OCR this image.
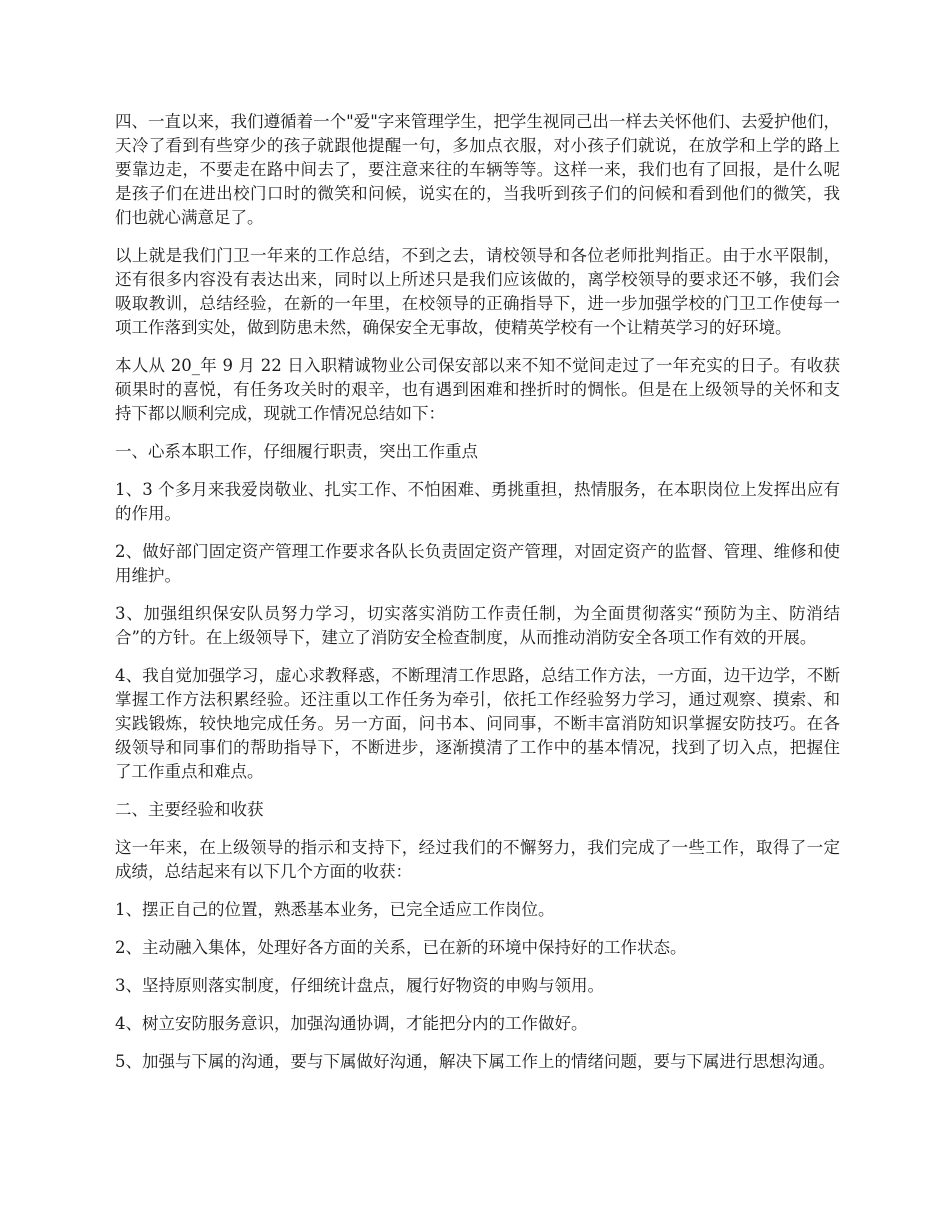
四、一直以来，我们遵循着一个"爱"字来管理学生，把学生视同己出一样去关怀他们、去爱护他们，天冷了看到有些穿少的孩子就跟他提醒一句，多加点衣服，对小孩子们就说，在放学和上学的路上要靠边走，不要走在路中间去了，要注意来往的车辆等等。这样一来，我们也有了回报，是什么呢 是孩子们在进出校门口时的微笑和问候，说实在的，当我听到孩子们的问候和看到他们的微笑，我们也就心满意足了。

以上就是我们门卫一年来的工作总结，不到之去，请校领导和各位老师批判指正。由于水平限制，还有很多内容没有表达出来，同时以上所述只是我们应该做的，离学校领导的要求还不够，我们会吸取教训，总结经验，在新的一年里，在校领导的正确指导下，进一步加强学校的门卫工作使每一项工作落到实处，做到防患未然，确保安全无事故，使精英学校有一个让精英学习的好环境。

本人从 20_年 9 月 22 日入职精诚物业公司保安部以来不知不觉间走过了一年充实的日子。有收获硕果时的喜悦，有任务攻关时的艰辛，也有遇到困难和挫折时的惆怅。但是在上级领导的关怀和支持下都以顺利完成，现就工作情况总结如下：

一、心系本职工作，仔细履行职责，突出工作重点

1、3 个多月来我爱岗敬业、扎实工作、不怕困难、勇挑重担，热情服务，在本职岗位上发挥出应有的作用。

2、做好部门固定资产管理工作要求各队长负责固定资产管理，对固定资产的监督、管理、维修和使用维护。

3、加强组织保安队员努力学习，切实落实消防工作责任制，为全面贯彻落实“预防为主、防消结合”的方针。在上级领导下，建立了消防安全检查制度，从而推动消防安全各项工作有效的开展。

4、我自觉加强学习，虚心求教释惑，不断理清工作思路，总结工作方法，一方面，边干边学，不断掌握工作方法积累经验。还注重以工作任务为牵引，依托工作经验努力学习，通过观察、摸索、和实践锻炼，较快地完成任务。另一方面，问书本、问同事，不断丰富消防知识掌握安防技巧。在各级领导和同事们的帮助指导下，不断进步，逐渐摸清了工作中的基本情况，找到了切入点，把握住了工作重点和难点。

二、主要经验和收获

这一年来，在上级领导的指示和支持下，经过我们的不懈努力，我们完成了一些工作，取得了一定成绩，总结起来有以下几个方面的收获：

1、摆正自己的位置，熟悉基本业务，已完全适应工作岗位。

2、主动融入集体，处理好各方面的关系，已在新的环境中保持好的工作状态。

3、坚持原则落实制度，仔细统计盘点，履行好物资的申购与领用。

4、树立安防服务意识，加强沟通协调，才能把分内的工作做好。

5、加强与下属的沟通，要与下属做好沟通，解决下属工作上的情绪问题，要与下属进行思想沟通。
